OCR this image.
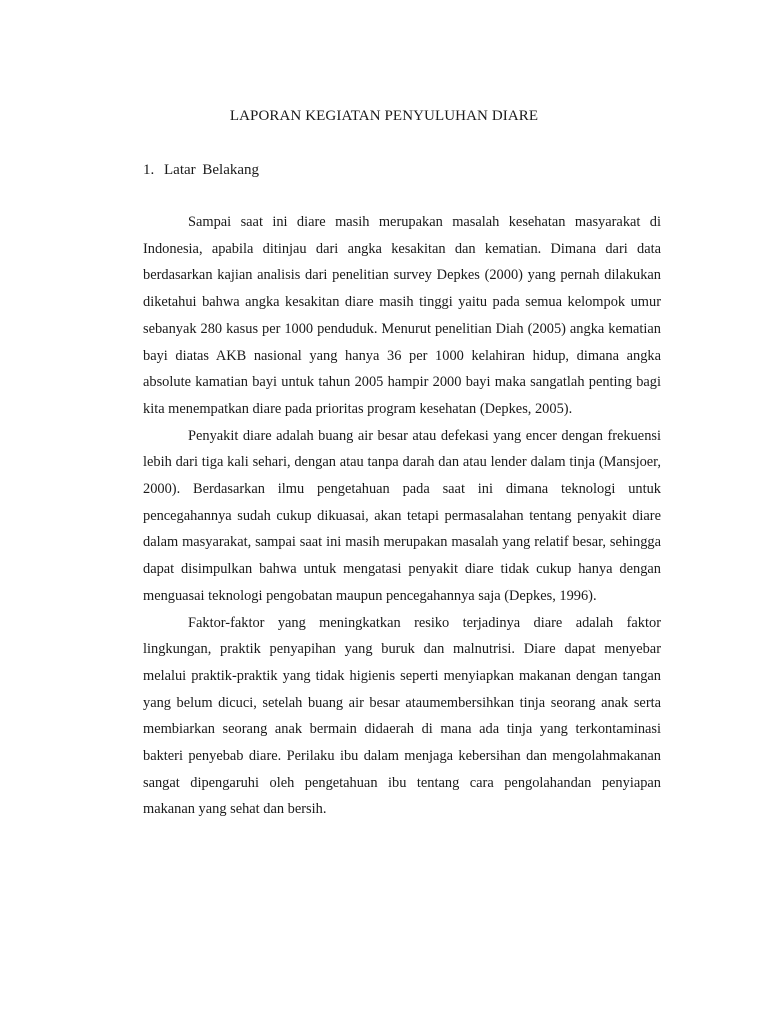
LAPORAN KEGIATAN PENYULUHAN DIARE
1. Latar Belakang

Sampai saat ini diare masih merupakan masalah kesehatan masyarakat di Indonesia, apabila ditinjau dari angka kesakitan dan kematian. Dimana dari data berdasarkan kajian analisis dari penelitian survey Depkes (2000) yang pernah dilakukan diketahui bahwa angka kesakitan diare masih tinggi yaitu pada semua kelompok umur sebanyak 280 kasus per 1000 penduduk. Menurut penelitian Diah (2005) angka kematian bayi diatas AKB nasional yang hanya 36 per 1000 kelahiran hidup, dimana angka absolute kamatian bayi untuk tahun 2005 hampir 2000 bayi maka sangatlah penting bagi kita menempatkan diare pada prioritas program kesehatan (Depkes, 2005).

Penyakit diare adalah buang air besar atau defekasi yang encer dengan frekuensi lebih dari tiga kali sehari, dengan atau tanpa darah dan atau lender dalam tinja (Mansjoer, 2000). Berdasarkan ilmu pengetahuan pada saat ini dimana teknologi untuk pencegahannya sudah cukup dikuasai, akan tetapi permasalahan tentang penyakit diare dalam masyarakat, sampai saat ini masih merupakan masalah yang relatif besar, sehingga dapat disimpulkan bahwa untuk mengatasi penyakit diare tidak cukup hanya dengan menguasai teknologi pengobatan maupun pencegahannya saja (Depkes, 1996).

Faktor-faktor yang meningkatkan resiko terjadinya diare adalah faktor lingkungan, praktik penyapihan yang buruk dan malnutrisi. Diare dapat menyebar melalui praktik-praktik yang tidak higienis seperti menyiapkan makanan dengan tangan yang belum dicuci, setelah buang air besar ataumembersihkan tinja seorang anak serta membiarkan seorang anak bermain didaerah di mana ada tinja yang terkontaminasi bakteri penyebab diare. Perilaku ibu dalam menjaga kebersihan dan mengolahmakanan sangat dipengaruhi oleh pengetahuan ibu tentang cara pengolahandan penyiapan makanan yang sehat dan bersih.
